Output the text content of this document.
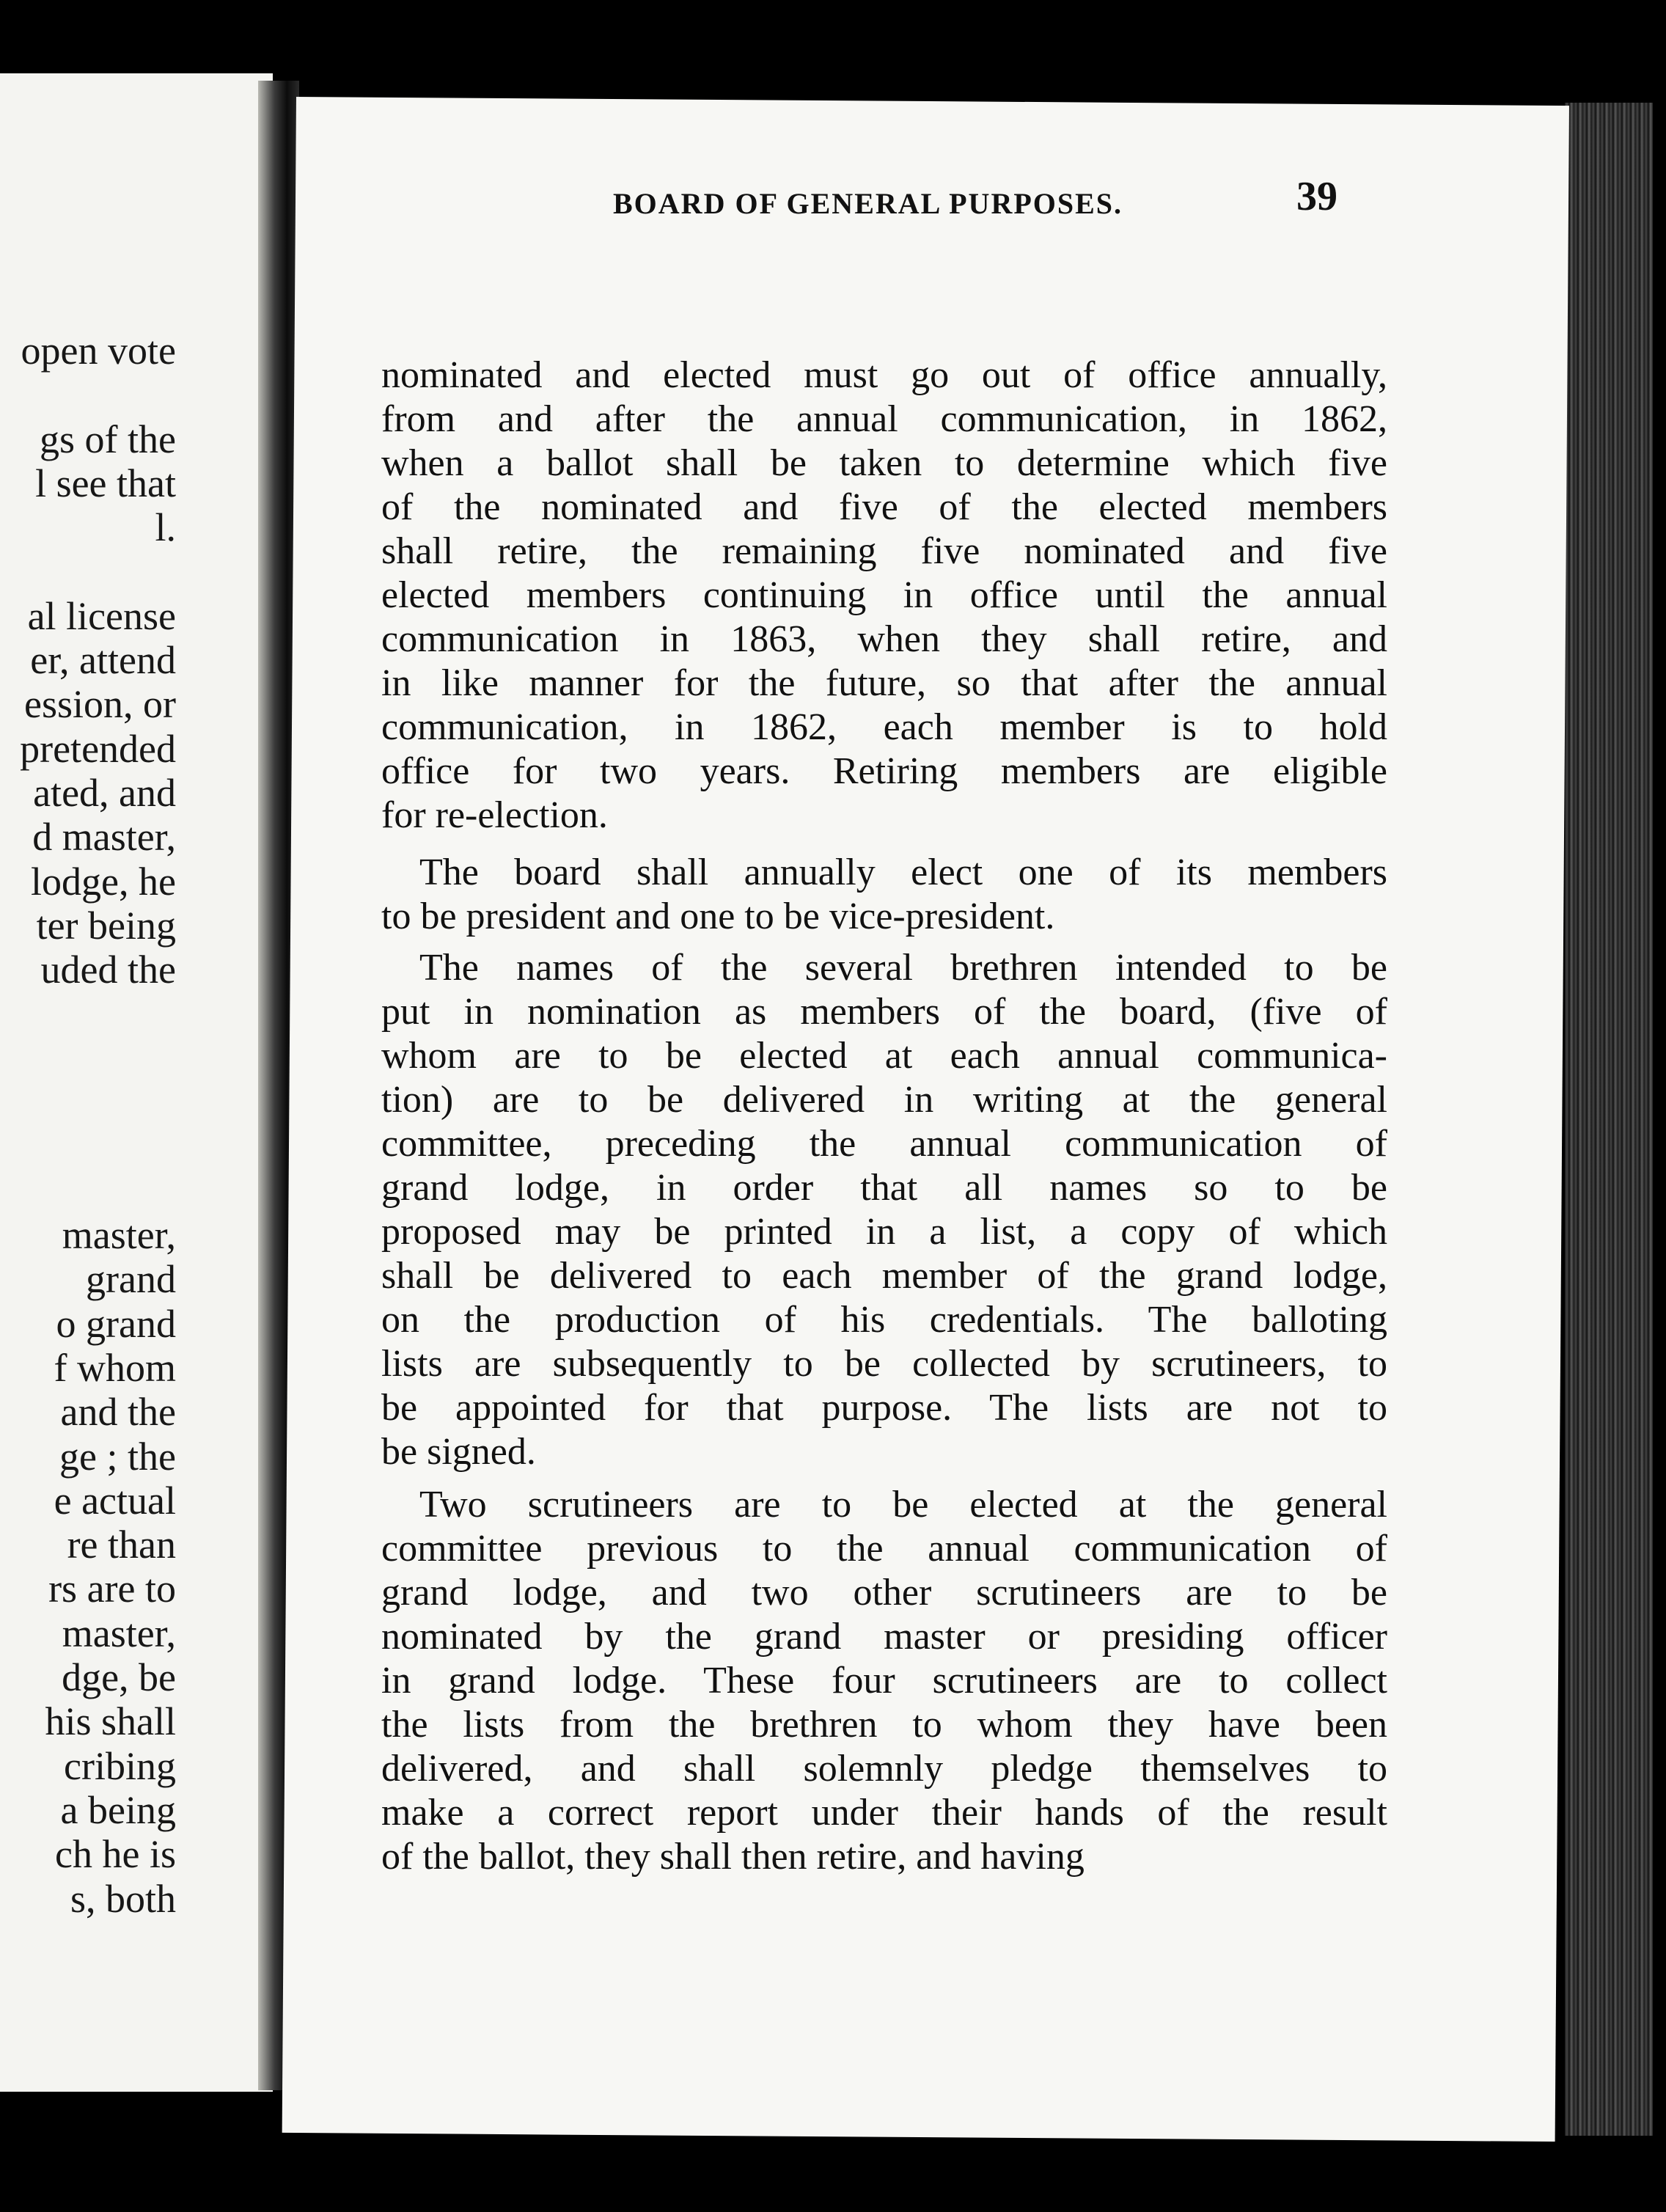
BOARD OF GENERAL PURPOSES.	39
open vote
gs of the
l see that
l.
al license
er, attend
ession, or
pretended
ated, and
d master,
lodge, he
ter being
uded the
master,
grand
o grand
f whom
and the
ge ; the
e actual
re than
rs are to
master,
dge, be
his shall
cribing
a being
ch he is
s, both
nominated and elected must go out of office annually,
from and after the annual communication, in 1862,
when a ballot shall be taken to determine which five
of the nominated and five of the elected members
shall retire, the remaining five nominated and five
elected members continuing in office until the annual
communication in 1863, when they shall retire, and
in like manner for the future, so that after the annual
communication, in 1862, each member is to hold
office for two years. Retiring members are eligible
for re-election.
The board shall annually elect one of its members
to be president and one to be vice-president.
The names of the several brethren intended to be
put in nomination as members of the board, (five of
whom are to be elected at each annual communica-
tion) are to be delivered in writing at the general
committee, preceding the annual communication of
grand lodge, in order that all names so to be
proposed may be printed in a list, a copy of which
shall be delivered to each member of the grand lodge,
on the production of his credentials. The balloting
lists are subsequently to be collected by scrutineers, to
be appointed for that purpose. The lists are not to
be signed.
Two scrutineers are to be elected at the general
committee previous to the annual communication of
grand lodge, and two other scrutineers are to be
nominated by the grand master or presiding officer
in grand lodge. These four scrutineers are to collect
the lists from the brethren to whom they have been
delivered, and shall solemnly pledge themselves to
make a correct report under their hands of the result
of the ballot, they shall then retire, and having
